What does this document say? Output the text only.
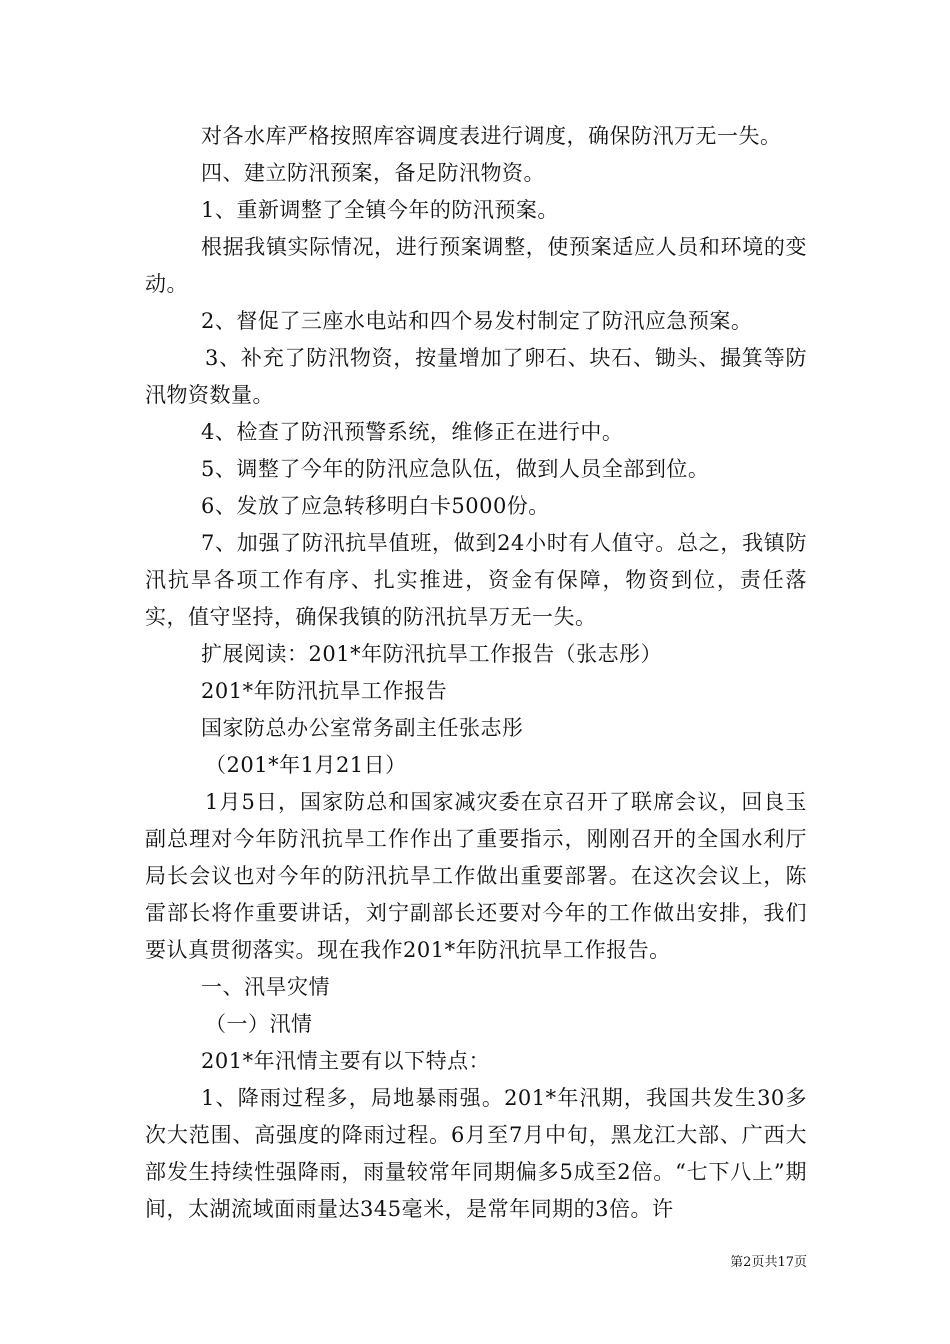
对各水库严格按照库容调度表进行调度，确保防汛万无一失。

四、建立防汛预案，备足防汛物资。

1、重新调整了全镇今年的防汛预案。

根据我镇实际情况，进行预案调整，使预案适应人员和环境的变动。

2、督促了三座水电站和四个易发村制定了防汛应急预案。

3、补充了防汛物资，按量增加了卵石、块石、锄头、撮箕等防汛物资数量。

4、检查了防汛预警系统，维修正在进行中。

5、调整了今年的防汛应急队伍，做到人员全部到位。

6、发放了应急转移明白卡5000份。

7、加强了防汛抗旱值班，做到24小时有人值守。总之，我镇防汛抗旱各项工作有序、扎实推进，资金有保障，物资到位，责任落实，值守坚持，确保我镇的防汛抗旱万无一失。

扩展阅读：201*年防汛抗旱工作报告（张志彤）

201*年防汛抗旱工作报告

国家防总办公室常务副主任张志彤

（201*年1月21日）

1月5日，国家防总和国家减灾委在京召开了联席会议，回良玉副总理对今年防汛抗旱工作作出了重要指示，刚刚召开的全国水利厅局长会议也对今年的防汛抗旱工作做出重要部署。在这次会议上，陈雷部长将作重要讲话，刘宁副部长还要对今年的工作做出安排，我们要认真贯彻落实。现在我作201*年防汛抗旱工作报告。

一、汛旱灾情

（一）汛情

201*年汛情主要有以下特点：

1、降雨过程多，局地暴雨强。201*年汛期，我国共发生30多次大范围、高强度的降雨过程。6月至7月中旬，黑龙江大部、广西大部发生持续性强降雨，雨量较常年同期偏多5成至2倍。“七下八上”期间，太湖流域面雨量达345毫米，是常年同期的3倍。许

第2页共17页
